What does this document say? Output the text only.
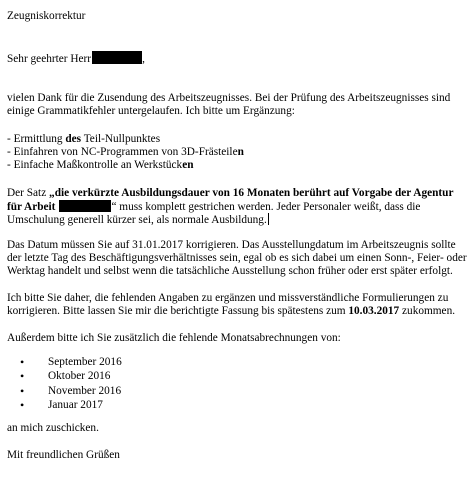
Zeugniskorrektur

Sehr geehrter Herr	,

vielen Dank für die Zusendung des Arbeitszeugnisses. Bei der Prüfung des Arbeitszeugnisses sind

einige Grammatikfehler untergelaufen. Ich bitte um Ergänzung:

- Ermittlung des Teil-Nullpunktes

- Einfahren von NC-Programmen von 3D-Frästeilen

- Einfache Maßkontrolle an Werkstücken

Der Satz „die verkürzte Ausbildungsdauer von 16 Monaten berührt auf Vorgabe der Agentur

für Arbeit	“ muss komplett gestrichen werden. Jeder Personaler weißt, dass die

Umschulung generell kürzer sei, als normale Ausbildung.

Das Datum müssen Sie auf 31.01.2017 korrigieren. Das Ausstellungdatum im Arbeitszeugnis sollte

der letzte Tag des Beschäftigungsverhältnisses sein, egal ob es sich dabei um einen Sonn-, Feier- oder

Werktag handelt und selbst wenn die tatsächliche Ausstellung schon früher oder erst später erfolgt.

Ich bitte Sie daher, die fehlenden Angaben zu ergänzen und missverständliche Formulierungen zu

korrigieren. Bitte lassen Sie mir die berichtigte Fassung bis spätestens zum 10.03.2017 zukommen.

Außerdem bitte ich Sie zusätzlich die fehlende Monatsabrechnungen von:

• September 2016
• Oktober 2016
• November 2016
• Januar 2017

an mich zuschicken.

Mit freundlichen Grüßen
